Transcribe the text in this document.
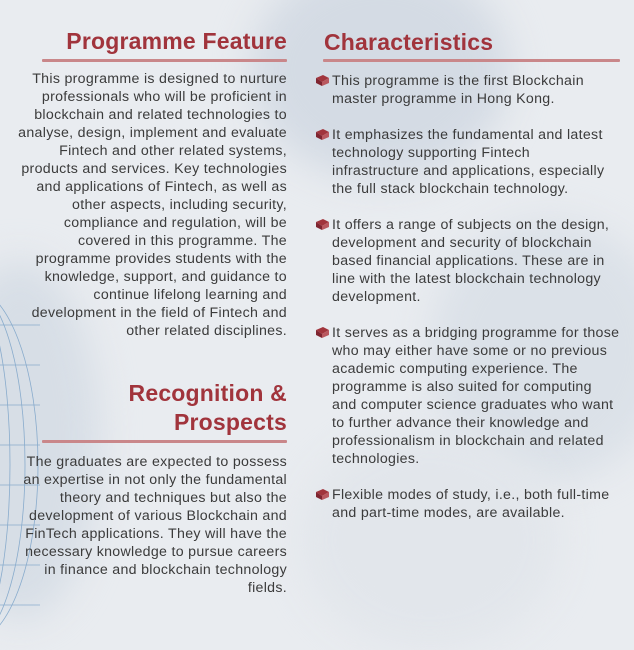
Programme Feature

This programme is designed to nurture professionals who will be proficient in blockchain and related technologies to analyse, design, implement and evaluate Fintech and other related systems, products and services. Key technologies and applications of Fintech, as well as other aspects, including security, compliance and regulation, will be covered in this programme. The programme provides students with the knowledge, support, and guidance to continue lifelong learning and development in the field of Fintech and other related disciplines.

Recognition &
Prospects

The graduates are expected to possess an expertise in not only the fundamental theory and techniques but also the development of various Blockchain and FinTech applications. They will have the necessary knowledge to pursue careers in finance and blockchain technology fields.

Characteristics

This programme is the first Blockchain master programme in Hong Kong.

It emphasizes the fundamental and latest technology supporting Fintech infrastructure and applications, especially the full stack blockchain technology.

It offers a range of subjects on the design, development and security of blockchain based financial applications. These are in line with the latest blockchain technology development.

It serves as a bridging programme for those who may either have some or no previous academic computing experience. The programme is also suited for computing and computer science graduates who want to further advance their knowledge and professionalism in blockchain and related technologies.

Flexible modes of study, i.e., both full-time and part-time modes, are available.
